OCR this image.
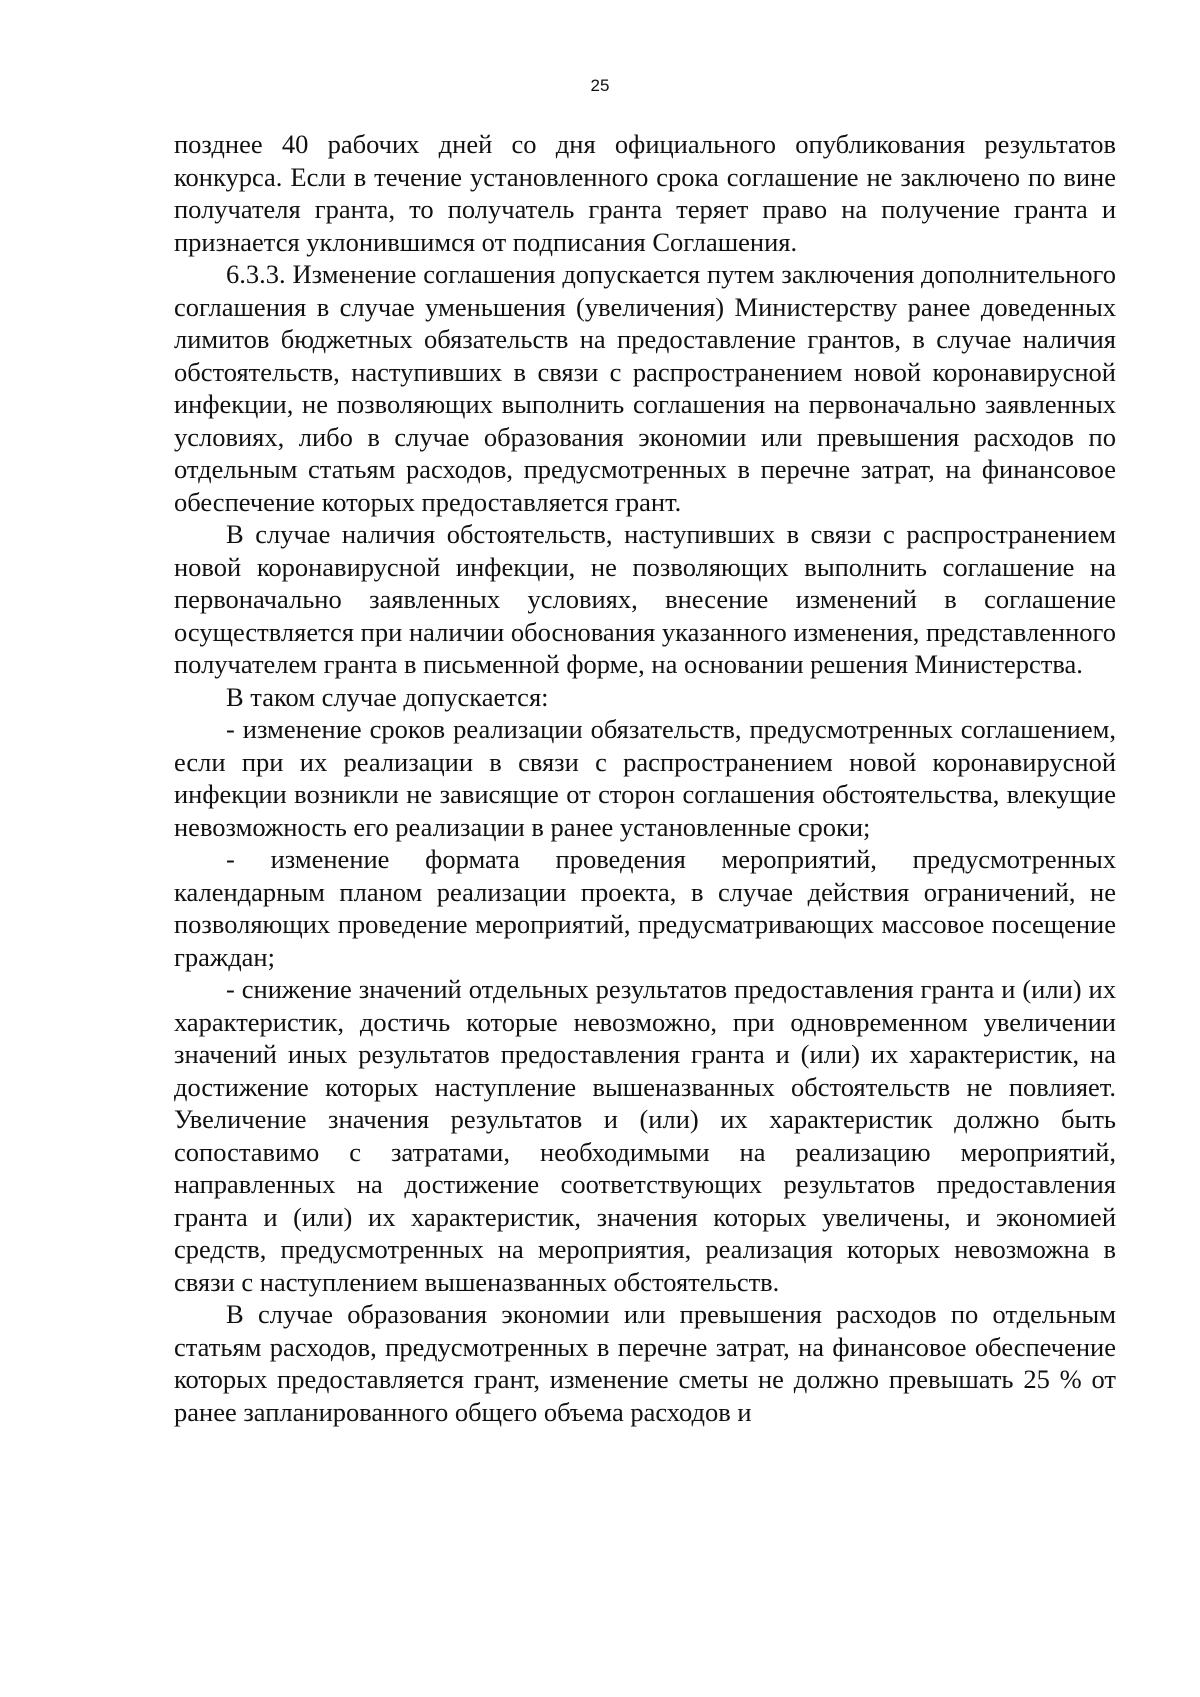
25

позднее 40 рабочих дней со дня официального опубликования результатов конкурса. Если в течение установленного срока соглашение не заключено по вине получателя гранта, то получатель гранта теряет право на получение гранта и признается уклонившимся от подписания Соглашения.

6.3.3. Изменение соглашения допускается путем заключения дополнительного соглашения в случае уменьшения (увеличения) Министерству ранее доведенных лимитов бюджетных обязательств на предоставление грантов, в случае наличия обстоятельств, наступивших в связи с распространением новой коронавирусной инфекции, не позволяющих выполнить соглашения на первоначально заявленных условиях, либо в случае образования экономии или превышения расходов по отдельным статьям расходов, предусмотренных в перечне затрат, на финансовое обеспечение которых предоставляется грант.

В случае наличия обстоятельств, наступивших в связи с распространением новой коронавирусной инфекции, не позволяющих выполнить соглашение на первоначально заявленных условиях, внесение изменений в соглашение осуществляется при наличии обоснования указанного изменения, представленного получателем гранта в письменной форме, на основании решения Министерства.

В таком случае допускается:

- изменение сроков реализации обязательств, предусмотренных соглашением, если при их реализации в связи с распространением новой коронавирусной инфекции возникли не зависящие от сторон соглашения обстоятельства, влекущие невозможность его реализации в ранее установленные сроки;

- изменение формата проведения мероприятий, предусмотренных календарным планом реализации проекта, в случае действия ограничений, не позволяющих проведение мероприятий, предусматривающих массовое посещение граждан;

- снижение значений отдельных результатов предоставления гранта и (или) их характеристик, достичь которые невозможно, при одновременном увеличении значений иных результатов предоставления гранта и (или) их характеристик, на достижение которых наступление вышеназванных обстоятельств не повлияет. Увеличение значения результатов и (или) их характеристик должно быть сопоставимо с затратами, необходимыми на реализацию мероприятий, направленных на достижение соответствующих результатов предоставления гранта и (или) их характеристик, значения которых увеличены, и экономией средств, предусмотренных на мероприятия, реализация которых невозможна в связи с наступлением вышеназванных обстоятельств.

В случае образования экономии или превышения расходов по отдельным статьям расходов, предусмотренных в перечне затрат, на финансовое обеспечение которых предоставляется грант, изменение сметы не должно превышать 25 % от ранее запланированного общего объема расходов и
